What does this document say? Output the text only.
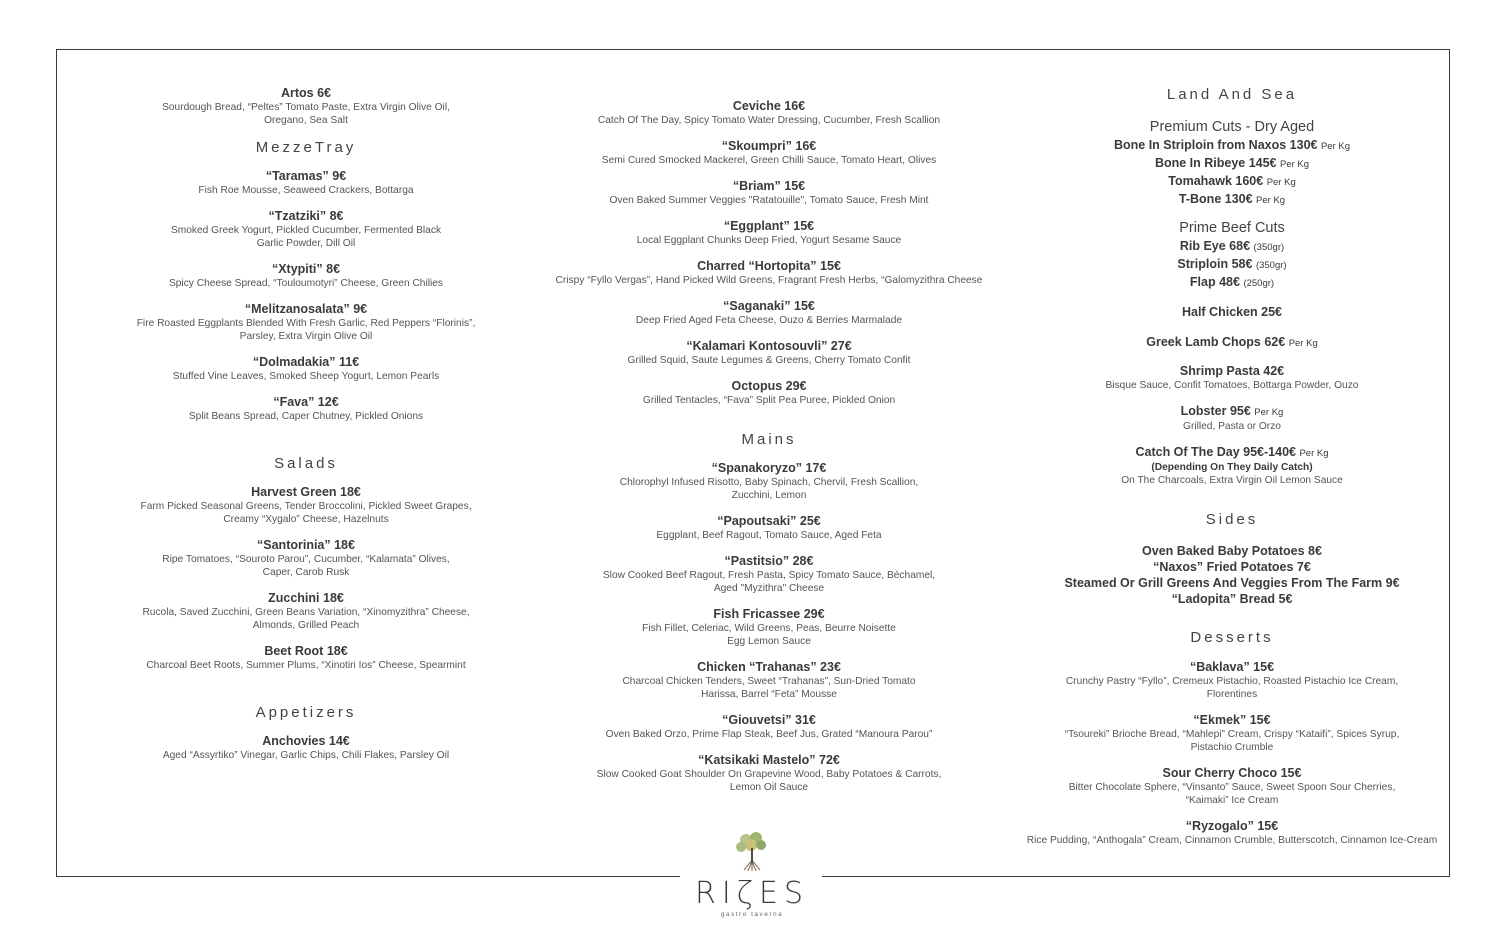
Artos 6€
Sourdough Bread, “Peltes” Tomato Paste, Extra Virgin Olive Oil,
Oregano, Sea Salt
MezzeTray
“Taramas” 9€
Fish Roe Mousse, Seaweed Crackers, Bottarga
“Tzatziki” 8€
Smoked Greek Yogurt, Pickled Cucumber, Fermented Black
Garlic Powder, Dill Oil
“Xtypiti” 8€
Spicy Cheese Spread, “Touloumotyri” Cheese, Green Chilies
“Melitzanosalata” 9€
Fire Roasted Eggplants Blended With Fresh Garlic, Red Peppers “Florinis”,
Parsley, Extra Virgin Olive Oil
“Dolmadakia” 11€
Stuffed Vine Leaves, Smoked Sheep Yogurt, Lemon Pearls
“Fava” 12€
Split Beans Spread, Caper Chutney, Pickled Onions
Salads
Harvest Green 18€
Farm Picked Seasonal Greens, Tender Broccolini, Pickled Sweet Grapes,
Creamy “Xygalo” Cheese, Hazelnuts
“Santorinia” 18€
Ripe Tomatoes, “Souroto Parou”, Cucumber, “Kalamata” Olives,
Caper, Carob Rusk
Zucchini 18€
Rucola, Saved Zucchini, Green Beans Variation, “Xinomyzithra” Cheese,
Almonds, Grilled Peach
Beet Root 18€
Charcoal Beet Roots, Summer Plums, “Xinotiri Ios” Cheese, Spearmint
Appetizers
Anchovies 14€
Aged “Assyrtiko” Vinegar, Garlic Chips, Chili Flakes, Parsley Oil
Ceviche 16€
Catch Of The Day, Spicy Tomato Water Dressing, Cucumber, Fresh Scallion
“Skoumpri” 16€
Semi Cured Smocked Mackerel, Green Chilli Sauce, Tomato Heart, Olives
“Briam” 15€
Oven Baked Summer Veggies "Ratatouille", Tomato Sauce, Fresh Mint
“Eggplant” 15€
Local Eggplant Chunks Deep Fried, Yogurt Sesame Sauce
Charred “Hortopita” 15€
Crispy “Fyllo Vergas”, Hand Picked Wild Greens, Fragrant Fresh Herbs, “Galomyzithra Cheese
“Saganaki” 15€
Deep Fried Aged Feta Cheese, Ouzo & Berries Marmalade
“Kalamari Kontosouvli” 27€
Grilled Squid, Saute Legumes & Greens, Cherry Tomato Confit
Octopus 29€
Grilled Tentacles, “Fava” Split Pea Puree, Pickled Onion
Mains
“Spanakoryzo” 17€
Chlorophyl Infused Risotto, Baby Spinach, Chervil, Fresh Scallion,
Zucchini, Lemon
“Papoutsaki” 25€
Eggplant, Beef Ragout, Tomato Sauce, Aged Feta
“Pastitsio” 28€
Slow Cooked Beef Ragout, Fresh Pasta, Spicy Tomato Sauce, Béchamel,
Aged "Myzithra" Cheese
Fish Fricassee 29€
Fish Fillet, Celeriac, Wild Greens, Peas, Beurre Noisette
Egg Lemon Sauce
Chicken “Trahanas” 23€
Charcoal Chicken Tenders, Sweet “Trahanas”, Sun-Dried Tomato
Harissa, Barrel “Feta” Mousse
“Giouvetsi” 31€
Oven Baked Orzo, Prime Flap Steak, Beef Jus, Grated “Manoura Parou”
“Katsikaki Mastelo” 72€
Slow Cooked Goat Shoulder On Grapevine Wood, Baby Potatoes & Carrots,
Lemon Oil Sauce
Land And Sea
Premium Cuts - Dry Aged
Bone In Striploin from Naxos 130€ Per Kg
Bone In Ribeye 145€ Per Kg
Tomahawk 160€ Per Kg
T-Bone 130€ Per Kg
Prime Beef Cuts
Rib Eye 68€ (350gr)
Striploin 58€ (350gr)
Flap 48€ (250gr)
Half Chicken 25€
Greek Lamb Chops 62€ Per Kg
Shrimp Pasta 42€
Bisque Sauce, Confit Tomatoes, Bottarga Powder, Ouzo
Lobster 95€ Per Kg
Grilled, Pasta or Orzo
Catch Of The Day 95€-140€ Per Kg
(Depending On They Daily Catch)
On The Charcoals, Extra Virgin Oil Lemon Sauce
Sides
Oven Baked Baby Potatoes 8€
“Naxos” Fried Potatoes 7€
Steamed Or Grill Greens And Veggies From The Farm 9€
“Ladopita” Bread 5€
Desserts
“Baklava” 15€
Crunchy Pastry “Fyllo”, Cremeux Pistachio, Roasted Pistachio Ice Cream,
Florentines
“Ekmek” 15€
“Tsoureki” Brioche Bread, “Mahlepi” Cream, Crispy “Kataifi”, Spices Syrup,
Pistachio Crumble
Sour Cherry Choco 15€
Bitter Chocolate Sphere, “Vinsanto” Sauce, Sweet Spoon Sour Cherries,
“Kaimaki” Ice Cream
“Ryzogalo” 15€
Rice Pudding, “Anthogala” Cream, Cinnamon Crumble, Butterscotch, Cinnamon Ice-Cream
RIζES
gastro taverna
